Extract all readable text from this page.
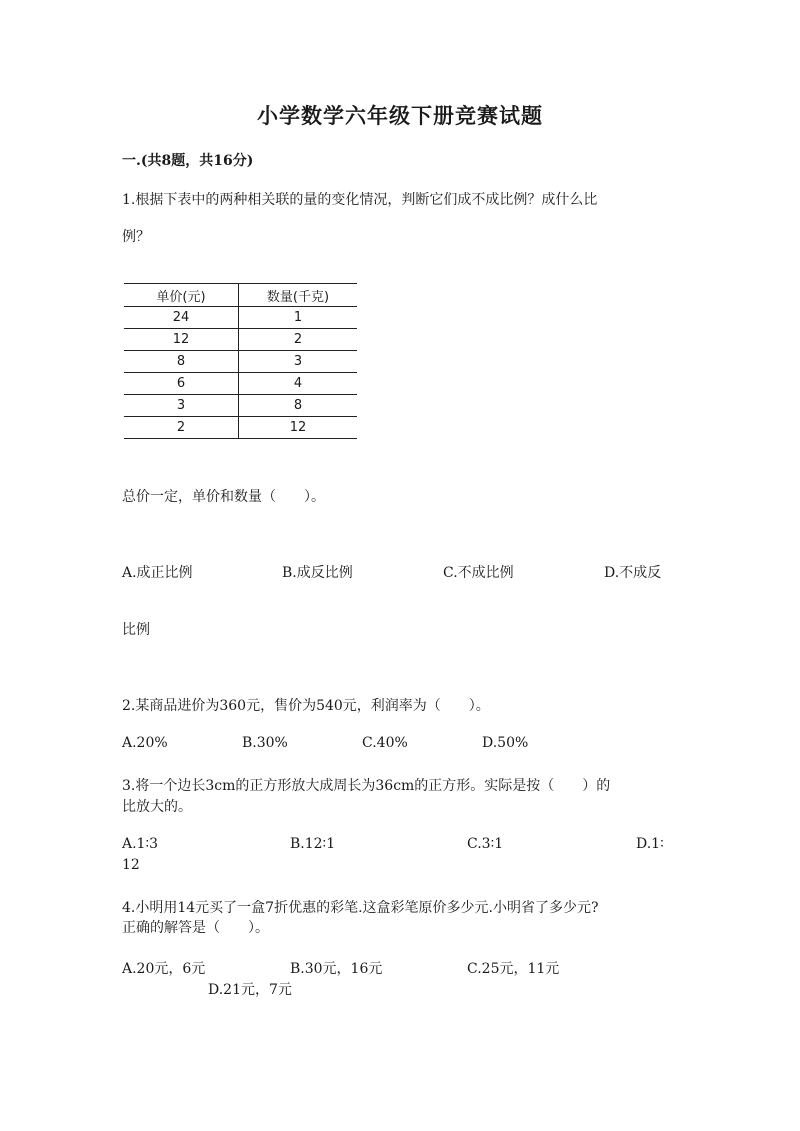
小学数学六年级下册竞赛试题
一.(共8题，共16分)
1.根据下表中的两种相关联的量的变化情况，判断它们成不成比例？成什么比
例？
单价(元)	数量(千克)
24	1
12	2
8	3
6	4
3	8
2	12
总价一定，单价和数量（　　）。
A.成正比例	B.成反比例	C.不成比例	D.不成反
比例
2.某商品进价为360元，售价为540元，利润率为（　　）。
A.20%	B.30%	C.40%	D.50%
3.将一个边长3cm的正方形放大成周长为36cm的正方形。实际是按（　　）的
比放大的。
A.1∶3	B.12∶1	C.3∶1	D.1∶
12
4.小明用14元买了一盒7折优惠的彩笔.这盒彩笔原价多少元.小明省了多少元?
正确的解答是（　　）。
A.20元，6元	B.30元，16元	C.25元，11元
D.21元，7元
